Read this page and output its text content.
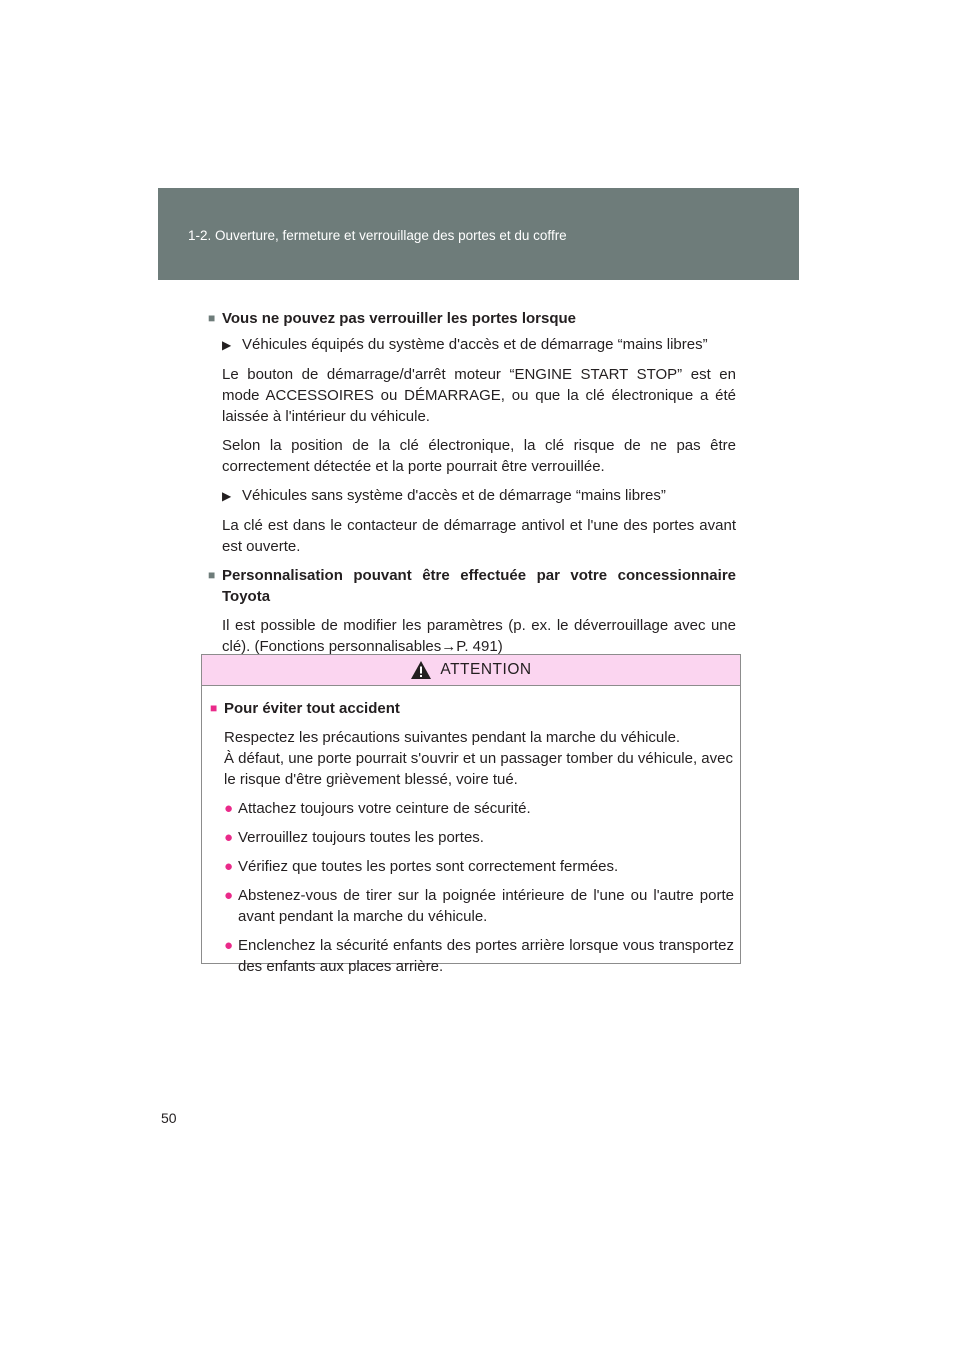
1-2. Ouverture, fermeture et verrouillage des portes et du coffre
■ Vous ne pouvez pas verrouiller les portes lorsque
▶ Véhicules équipés du système d'accès et de démarrage “mains libres”

Le bouton de démarrage/d'arrêt moteur “ENGINE START STOP” est en mode ACCESSOIRES ou DÉMARRAGE, ou que la clé électronique a été laissée à l'intérieur du véhicule.

Selon la position de la clé électronique, la clé risque de ne pas être correctement détectée et la porte pourrait être verrouillée.

▶ Véhicules sans système d'accès et de démarrage “mains libres”

La clé est dans le contacteur de démarrage antivol et l'une des portes avant est ouverte.

■ Personnalisation pouvant être effectuée par votre concessionnaire Toyota

Il est possible de modifier les paramètres (p. ex. le déverrouillage avec une clé). (Fonctions personnalisables→P. 491)

ATTENTION
■ Pour éviter tout accident

Respectez les précautions suivantes pendant la marche du véhicule.

À défaut, une porte pourrait s'ouvrir et un passager tomber du véhicule, avec le risque d'être grièvement blessé, voire tué.

● Attachez toujours votre ceinture de sécurité.
● Verrouillez toujours toutes les portes.
● Vérifiez que toutes les portes sont correctement fermées.
● Abstenez-vous de tirer sur la poignée intérieure de l'une ou l'autre porte avant pendant la marche du véhicule.
● Enclenchez la sécurité enfants des portes arrière lorsque vous transportez des enfants aux places arrière.
50
